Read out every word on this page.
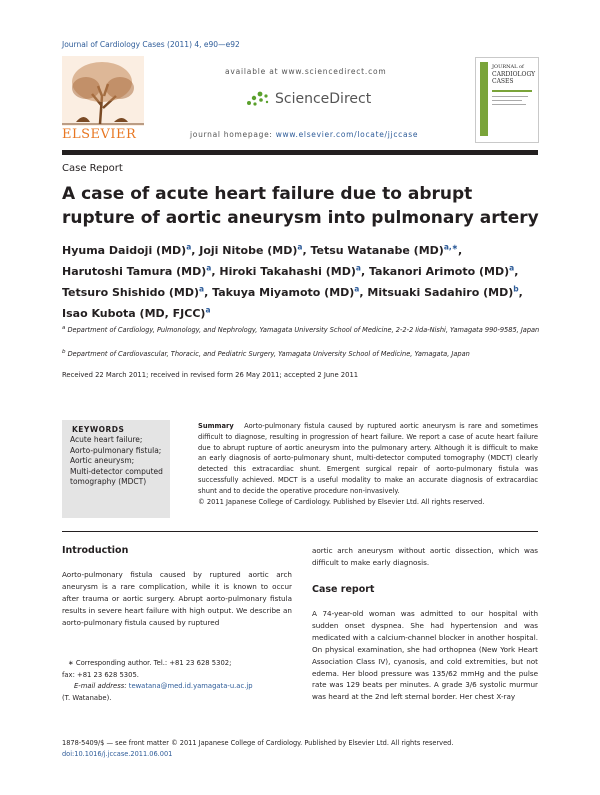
Journal of Cardiology Cases (2011) 4, e90—e92
ELSEVIER
available at www.sciencedirect.com
ScienceDirect
journal homepage: www.elsevier.com/locate/jjccase
JOURNAL of
CARDIOLOGY
CASES
Case Report
A case of acute heart failure due to abrupt rupture of aortic aneurysm into pulmonary artery
Hyuma Daidoji (MD)$^a$, Joji Nitobe (MD)$^a$, Tetsu Watanabe (MD)$^{a,∗}$,
Harutoshi Tamura (MD)$^a$, Hiroki Takahashi (MD)$^a$, Takanori Arimoto (MD)$^a$,
Tetsuro Shishido (MD)$^a$, Takuya Miyamoto (MD)$^a$, Mitsuaki Sadahiro (MD)$^b$,
Isao Kubota (MD, FJCC)$^a$
$^a$ Department of Cardiology, Pulmonology, and Nephrology, Yamagata University School of Medicine, 2-2-2 Iida-Nishi, Yamagata 990-9585, Japan
$^b$ Department of Cardiovascular, Thoracic, and Pediatric Surgery, Yamagata University School of Medicine, Yamagata, Japan
Received 22 March 2011; received in revised form 26 May 2011; accepted 2 June 2011
KEYWORDS
Acute heart failure;
Aorto-pulmonary fistula;
Aortic aneurysm;
Multi-detector computed tomography (MDCT)
Summary Aorto-pulmonary fistula caused by ruptured aortic aneurysm is rare and sometimes difficult to diagnose, resulting in progression of heart failure. We report a case of acute heart failure due to abrupt rupture of aortic aneurysm into the pulmonary artery. Although it is difficult to make an early diagnosis of aorto-pulmonary shunt, multi-detector computed tomography (MDCT) clearly detected this extracardiac shunt. Emergent surgical repair of aorto-pulmonary fistula was successfully achieved. MDCT is a useful modality to make an accurate diagnosis of extracardiac shunt and to decide the operative procedure non-invasively.
© 2011 Japanese College of Cardiology. Published by Elsevier Ltd. All rights reserved.
Introduction
Aorto-pulmonary fistula caused by ruptured aortic arch aneurysm is a rare complication, while it is known to occur after trauma or aortic surgery. Abrupt aorto-pulmonary fistula results in severe heart failure with high output. We describe an aorto-pulmonary fistula caused by ruptured
aortic arch aneurysm without aortic dissection, which was difficult to make early diagnosis.
Case report
A 74-year-old woman was admitted to our hospital with sudden onset dyspnea. She had hypertension and was medicated with a calcium-channel blocker in another hospital. On physical examination, she had orthopnea (New York Heart Association Class IV), cyanosis, and cold extremities, but not edema. Her blood pressure was 135/62 mmHg and the pulse rate was 129 beats per minutes. A grade 3/6 systolic murmur was heard at the 2nd left sternal border. Her chest X-ray
∗ Corresponding author. Tel.: +81 23 628 5302;
fax: +81 23 628 5305.
E-mail address: tewatana@med.id.yamagata-u.ac.jp
(T. Watanabe).
1878-5409/$ — see front matter © 2011 Japanese College of Cardiology. Published by Elsevier Ltd. All rights reserved.
doi:10.1016/j.jccase.2011.06.001
